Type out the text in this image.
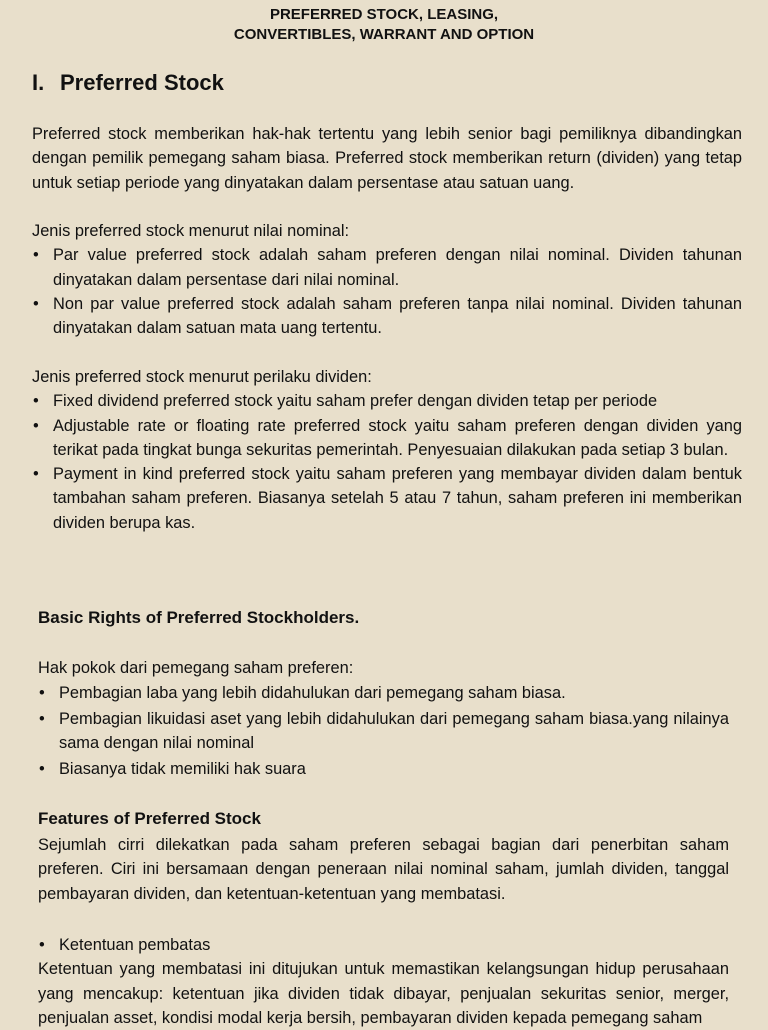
PREFERRED STOCK, LEASING,
CONVERTIBLES, WARRANT AND OPTION
I. Preferred Stock

Preferred stock memberikan hak-hak tertentu yang lebih senior bagi pemiliknya dibandingkan dengan pemilik pemegang saham biasa. Preferred stock memberikan return (dividen) yang tetap untuk setiap periode yang dinyatakan dalam persentase atau satuan uang.

Jenis preferred stock menurut nilai nominal:

• Par value preferred stock adalah saham preferen dengan nilai nominal. Dividen tahunan dinyatakan dalam persentase dari nilai nominal.
• Non par value preferred stock adalah saham preferen tanpa nilai nominal. Dividen tahunan dinyatakan dalam satuan mata uang tertentu.

Jenis preferred stock menurut perilaku dividen:

• Fixed dividend preferred stock yaitu saham prefer dengan dividen tetap per periode
• Adjustable rate or floating rate preferred stock yaitu saham preferen dengan dividen yang terikat pada tingkat bunga sekuritas pemerintah. Penyesuaian dilakukan pada setiap 3 bulan.
• Payment in kind preferred stock yaitu saham preferen yang membayar dividen dalam bentuk tambahan saham preferen. Biasanya setelah 5 atau 7 tahun, saham preferen ini memberikan dividen berupa kas.
Basic Rights of Preferred Stockholders.

Hak pokok dari pemegang saham preferen:

• Pembagian laba yang lebih didahulukan dari pemegang saham biasa.
• Pembagian likuidasi aset yang lebih didahulukan dari pemegang saham biasa.yang nilainya sama dengan nilai nominal
• Biasanya tidak memiliki hak suara
Features of Preferred Stock

Sejumlah cirri dilekatkan pada saham preferen sebagai bagian dari penerbitan saham preferen. Ciri ini bersamaan dengan peneraan nilai nominal saham, jumlah dividen, tanggal pembayaran dividen, dan ketentuan-ketentuan yang membatasi.

• Ketentuan pembatas

Ketentuan yang membatasi ini ditujukan untuk memastikan kelangsungan hidup perusahaan yang mencakup: ketentuan jika dividen tidak dibayar, penjualan sekuritas senior, merger, penjualan asset, kondisi modal kerja bersih, pembayaran dividen kepada pemegang saham
